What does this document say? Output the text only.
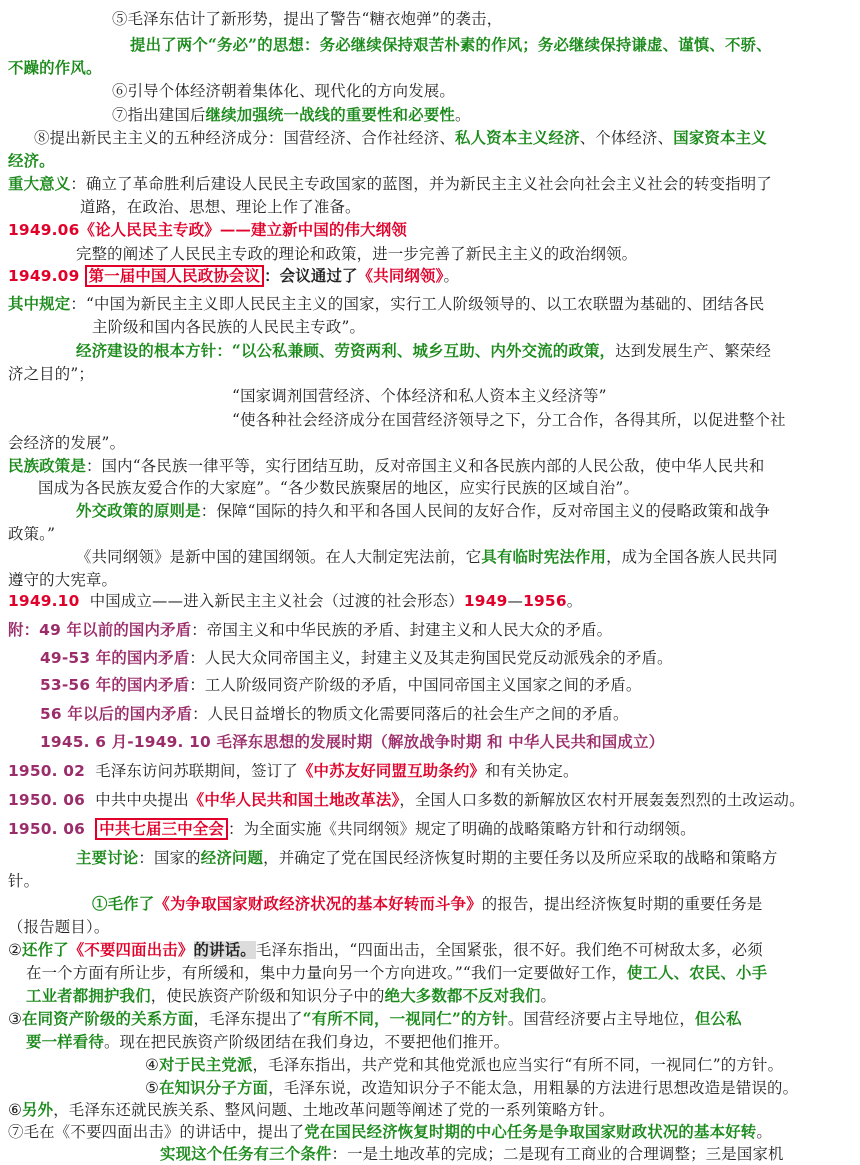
⑤毛泽东估计了新形势，提出了警告“糖衣炮弹”的袭击，
提出了两个“务必”的思想：务必继续保持艰苦朴素的作风；务必继续保持谦虚、谨慎、不骄、
不躁的作风。
⑥引导个体经济朝着集体化、现代化的方向发展。
⑦指出建国后继续加强统一战线的重要性和必要性。
⑧提出新民主主义的五种经济成分：国营经济、合作社经济、私人资本主义经济、个体经济、国家资本主义
经济。
重大意义：确立了革命胜利后建设人民民主专政国家的蓝图，并为新民主主义社会向社会主义社会的转变指明了
道路，在政治、思想、理论上作了准备。
1949.06《论人民民主专政》——建立新中国的伟大纲领
完整的阐述了人民民主专政的理论和政策，进一步完善了新民主主义的政治纲领。
1949.09 第一届中国人民政协会议 ：会议通过了《共同纲领》。
其中规定：“中国为新民主主义即人民民主主义的国家，实行工人阶级领导的、以工农联盟为基础的、团结各民
主阶级和国内各民族的人民民主专政”。
经济建设的根本方针：“以公私兼顾、劳资两利、城乡互助、内外交流的政策，达到发展生产、繁荣经
济之目的”；
“国家调剂国营经济、个体经济和私人资本主义经济等”
“使各种社会经济成分在国营经济领导之下，分工合作，各得其所，以促进整个社
会经济的发展”。
民族政策是：国内“各民族一律平等，实行团结互助，反对帝国主义和各民族内部的人民公敌，使中华人民共和
国成为各民族友爱合作的大家庭”。“各少数民族聚居的地区，应实行民族的区域自治”。
外交政策的原则是：保障“国际的持久和平和各国人民间的友好合作，反对帝国主义的侵略政策和战争
政策。”
《共同纲领》是新中国的建国纲领。在人大制定宪法前，它具有临时宪法作用，成为全国各族人民共同
遵守的大宪章。
1949.10 中国成立——进入新民主主义社会（过渡的社会形态）1949—1956。
附：49 年以前的国内矛盾：帝国主义和中华民族的矛盾、封建主义和人民大众的矛盾。
49-53 年的国内矛盾：人民大众同帝国主义，封建主义及其走狗国民党反动派残余的矛盾。
53-56 年的国内矛盾：工人阶级同资产阶级的矛盾，中国同帝国主义国家之间的矛盾。
56 年以后的国内矛盾：人民日益增长的物质文化需要同落后的社会生产之间的矛盾。
1945. 6 月-1949. 10 毛泽东思想的发展时期（解放战争时期 和 中华人民共和国成立）
1950. 02 毛泽东访问苏联期间，签订了《中苏友好同盟互助条约》和有关协定。
1950. 06 中共中央提出《中华人民共和国土地改革法》，全国人口多数的新解放区农村开展轰轰烈烈的土改运动。
1950. 06 中共七届三中全会 ：为全面实施《共同纲领》规定了明确的战略策略方针和行动纲领。
主要讨论：国家的经济问题，并确定了党在国民经济恢复时期的主要任务以及所应采取的战略和策略方
针。
①毛作了《为争取国家财政经济状况的基本好转而斗争》的报告，提出经济恢复时期的重要任务是
（报告题目）。
②还作了《不要四面出击》的讲话。毛泽东指出，“四面出击，全国紧张，很不好。我们绝不可树敌太多，必须
在一个方面有所让步，有所缓和，集中力量向另一个方向进攻。”“我们一定要做好工作，使工人、农民、小手
工业者都拥护我们，使民族资产阶级和知识分子中的绝大多数都不反对我们。
③在同资产阶级的关系方面，毛泽东提出了“有所不同，一视同仁”的方针。国营经济要占主导地位，但公私
要一样看待。现在把民族资产阶级团结在我们身边，不要把他们推开。
④对于民主党派，毛泽东指出，共产党和其他党派也应当实行“有所不同，一视同仁”的方针。
⑤在知识分子方面，毛泽东说，改造知识分子不能太急，用粗暴的方法进行思想改造是错误的。
⑥另外，毛泽东还就民族关系、整风问题、土地改革问题等阐述了党的一系列策略方针。
⑦毛在《不要四面出击》的讲话中，提出了党在国民经济恢复时期的中心任务是争取国家财政状况的基本好转。
实现这个任务有三个条件：一是土地改革的完成；二是现有工商业的合理调整；三是国家机
